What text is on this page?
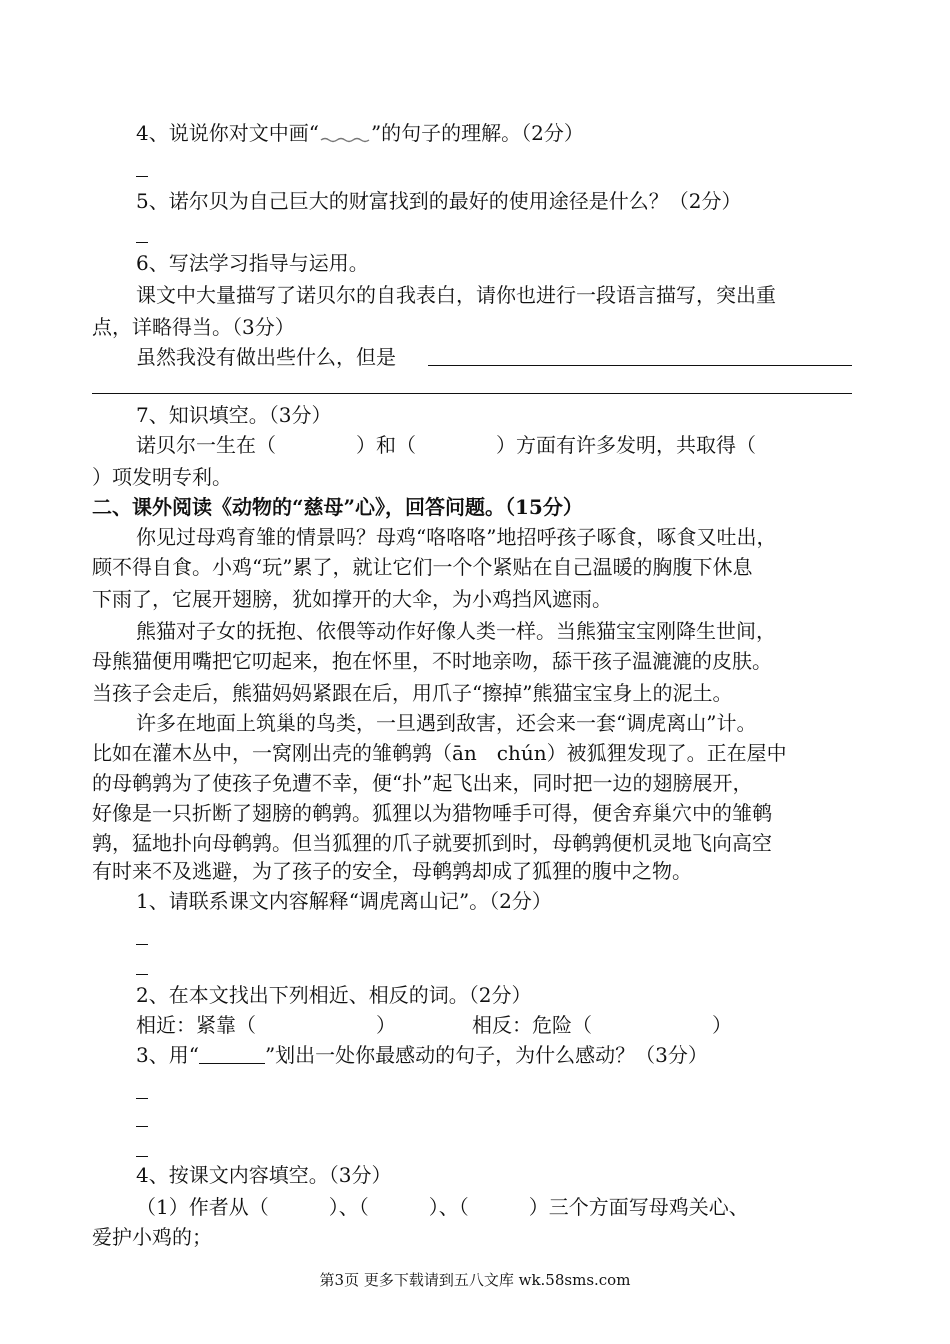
4、说说你对文中画“	”的句子的理解。（2分）
5、诺尔贝为自己巨大的财富找到的最好的使用途径是什么？（2分）
6、写法学习指导与运用。
课文中大量描写了诺贝尔的自我表白，请你也进行一段语言描写，突出重
点，详略得当。（3分）
虽然我没有做出些什么，但是
7、知识填空。（3分）
诺贝尔一生在（　　　　）和（　　　　）方面有许多发明，共取得（
）项发明专利。
二、课外阅读《动物的“慈母”心》，回答问题。（15分）
你见过母鸡育雏的情景吗？母鸡“咯咯咯”地招呼孩子啄食，啄食又吐出，
顾不得自食。小鸡“玩”累了，就让它们一个个紧贴在自己温暖的胸腹下休息
下雨了，它展开翅膀，犹如撑开的大伞，为小鸡挡风遮雨。
熊猫对子女的抚抱、依偎等动作好像人类一样。当熊猫宝宝刚降生世间，
母熊猫便用嘴把它叨起来，抱在怀里，不时地亲吻，舔干孩子温漉漉的皮肤。
当孩子会走后，熊猫妈妈紧跟在后，用爪子“擦掉”熊猫宝宝身上的泥土。
许多在地面上筑巢的鸟类，一旦遇到敌害，还会来一套“调虎离山”计。
比如在灌木丛中，一窝刚出壳的雏鹌鹑（ān　chún）被狐狸发现了。正在屋中
的母鹌鹑为了使孩子免遭不幸，便“扑”起飞出来，同时把一边的翅膀展开，
好像是一只折断了翅膀的鹌鹑。狐狸以为猎物唾手可得，便舍弃巢穴中的雏鹌
鹑，猛地扑向母鹌鹑。但当狐狸的爪子就要抓到时，母鹌鹑便机灵地飞向高空
有时来不及逃避，为了孩子的安全，母鹌鹑却成了狐狸的腹中之物。
1、请联系课文内容解释“调虎离山记”。（2分）
2、在本文找出下列相近、相反的词。（2分）
相近：紧靠（　　　　　　）	相反：危险（　　　　　　）
3、用“	”划出一处你最感动的句子，为什么感动？（3分）
4、按课文内容填空。（3分）
（1）作者从（　　　）、（　　　）、（　　　）三个方面写母鸡关心、
爱护小鸡的；
第3页 更多下载请到五八文库 wk.58sms.com
